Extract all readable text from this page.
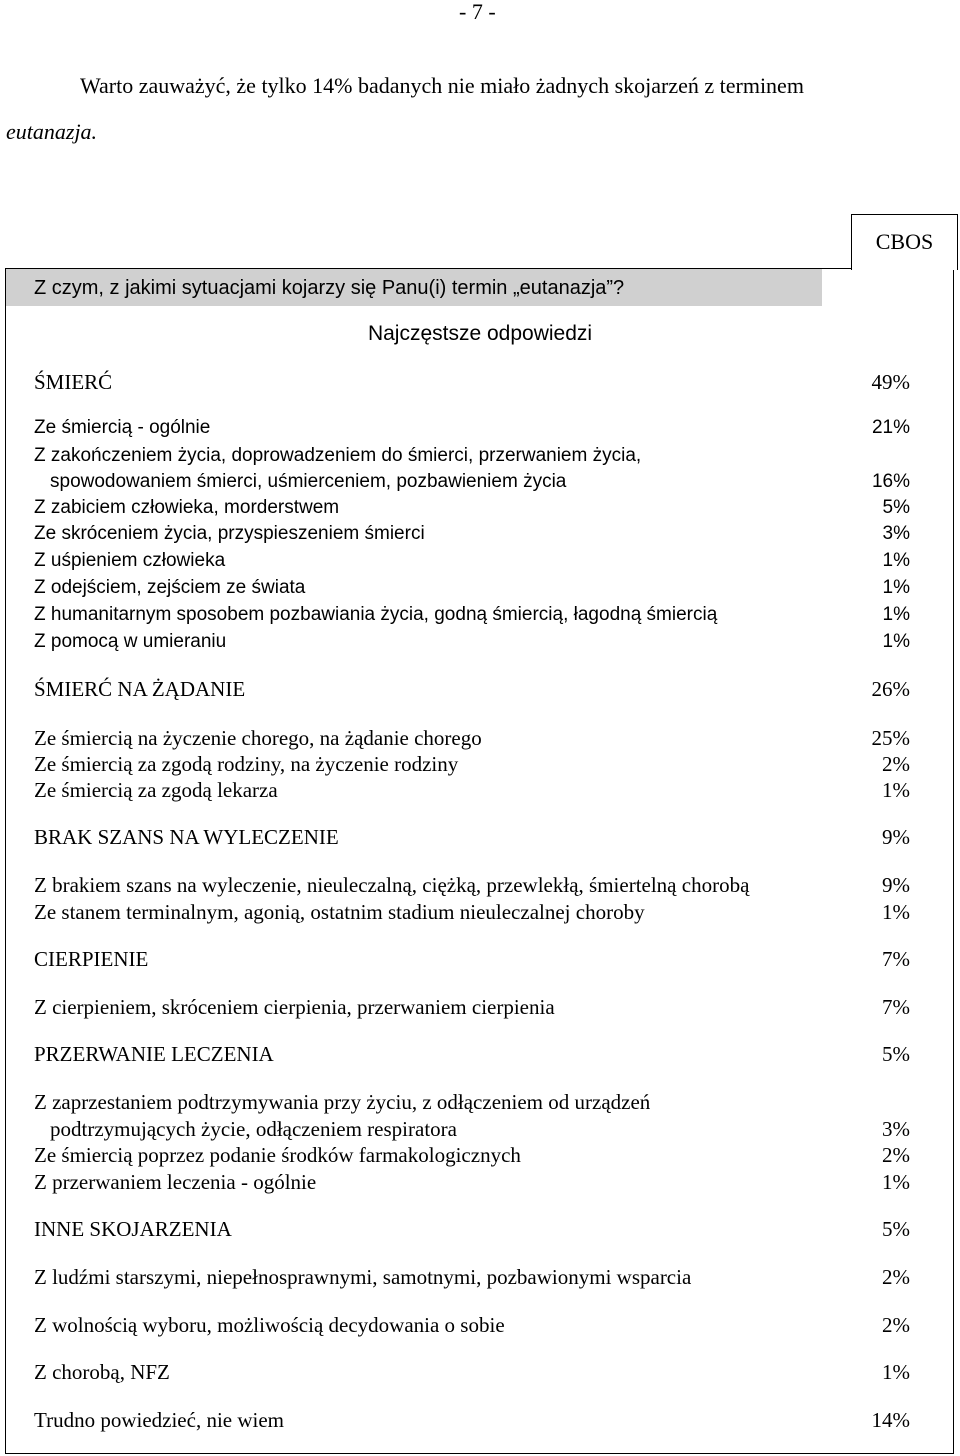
- 7 -
Warto zauważyć, że tylko 14% badanych nie miało żadnych skojarzeń z terminem
eutanazja.
CBOS
Z czym, z jakimi sytuacjami kojarzy się Panu(i) termin „eutanazja”?
Najczęstsze odpowiedzi
ŚMIERĆ	49%
Ze śmiercią - ogólnie	21%
Z zakończeniem życia, doprowadzeniem do śmierci, przerwaniem życia,
spowodowaniem śmierci, uśmierceniem, pozbawieniem życia	16%
Z zabiciem człowieka, morderstwem	5%
Ze skróceniem życia, przyspieszeniem śmierci	3%
Z uśpieniem człowieka	1%
Z odejściem, zejściem ze świata	1%
Z humanitarnym sposobem pozbawiania życia, godną śmiercią, łagodną śmiercią	1%
Z pomocą w umieraniu	1%
ŚMIERĆ NA ŻĄDANIE	26%
Ze śmiercią na życzenie chorego, na żądanie chorego	25%
Ze śmiercią za zgodą rodziny, na życzenie rodziny	2%
Ze śmiercią za zgodą lekarza	1%
BRAK SZANS NA WYLECZENIE	9%
Z brakiem szans na wyleczenie, nieuleczalną, ciężką, przewlekłą, śmiertelną chorobą	9%
Ze stanem terminalnym, agonią, ostatnim stadium nieuleczalnej choroby	1%
CIERPIENIE	7%
Z cierpieniem, skróceniem cierpienia, przerwaniem cierpienia	7%
PRZERWANIE LECZENIA	5%
Z zaprzestaniem podtrzymywania przy życiu, z odłączeniem od urządzeń
podtrzymujących życie, odłączeniem respiratora	3%
Ze śmiercią poprzez podanie środków farmakologicznych	2%
Z przerwaniem leczenia - ogólnie	1%
INNE SKOJARZENIA	5%
Z ludźmi starszymi, niepełnosprawnymi, samotnymi, pozbawionymi wsparcia	2%
Z wolnością wyboru, możliwością decydowania o sobie	2%
Z chorobą, NFZ	1%
Trudno powiedzieć, nie wiem	14%
